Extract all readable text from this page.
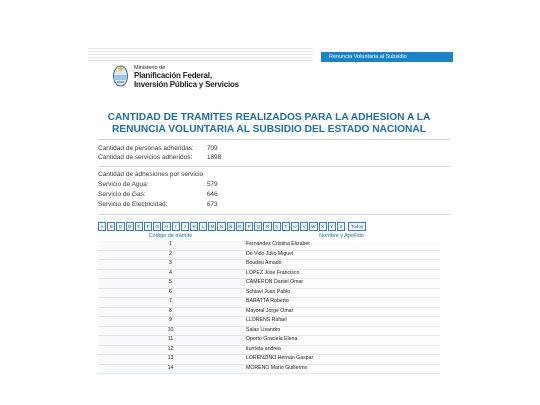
Renuncia Voluntaria al Subsidio
Ministerio de
Planificación Federal,
Inversión Pública y Servicios
CANTIDAD DE TRAMITES REALIZADOS PARA LA ADHESION A LA RENUNCIA VOLUNTARIA AL SUBSIDIO DEL ESTADO NACIONAL
Cantidad de personas adheridas: 709
Cantidad de servicios adheridos: 1898
Cantidad de adhesiones por servicio
Servicio de Agua:	579
Servicio de Gas:	646
Servicio de Electricidad:	673
A	B	C	D	E	F	G	H	I	J	K	L	M	N	Ñ	O	P	Q	R	S	T	U	V	W	X	Y	Z	Todos
Código de trámite	Nombre y Apellido
1	Fernandez Cristina Elizabet
2	De Vido Julio Miguel
3	Boudou Amado
4	LOPEZ Jose Francisco
5	CAMERON Daniel Omar
6	Schiavi Juan Pablo
7	BARATTA Roberto
8	Mayoral Jorge Omar
9	LLORENS Rafael
10	Salas Lisandro
11	Oporto Graciela Elena
12	iturrieta andrea
13	LORENZINO Hernan Gaspar
14	MORENO Mario Guillermo
